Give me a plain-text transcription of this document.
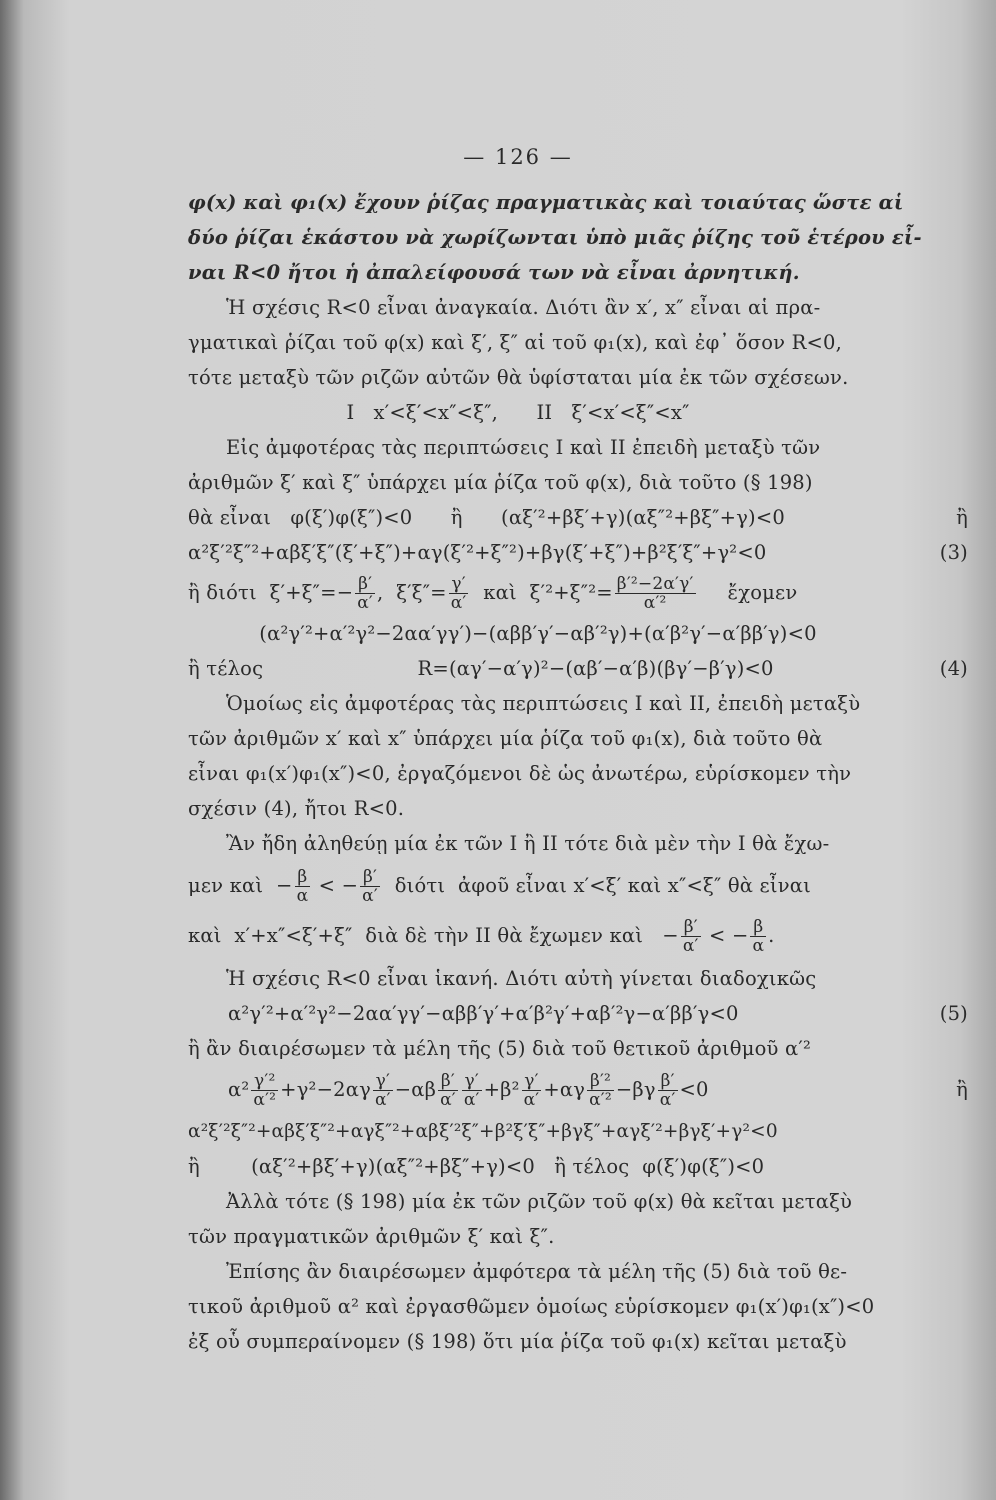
— 126 —
φ(x) καὶ φ₁(x) ἔχουν ῥίζας πραγματικὰς καὶ τοιαύτας ὥστε αἱ
δύο ῥίζαι ἑκάστου νὰ χωρίζωνται ὑπὸ μιᾶς ῥίζης τοῦ ἑτέρου εἶ-
ναι R<0 ἤτοι ἡ ἀπαλείφουσά των νὰ εἶναι ἀρνητική.
Ἡ σχέσις R<0 εἶναι ἀναγκαία. Διότι ἂν x′, x″ εἶναι αἱ πρα-
γματικαὶ ῥίζαι τοῦ φ(x) καὶ ξ′, ξ″ αἱ τοῦ φ₁(x), καὶ ἐφ᾽ ὅσον R<0,
τότε μεταξὺ τῶν ριζῶν αὐτῶν θὰ ὑφίσταται μία ἐκ τῶν σχέσεων.
I   x′<ξ′<x″<ξ″,      II   ξ′<x′<ξ″<x″
Εἰς ἀμφοτέρας τὰς περιπτώσεις I καὶ II ἐπειδὴ μεταξὺ τῶν
ἀριθμῶν ξ′ καὶ ξ″ ὑπάρχει μία ῥίζα τοῦ φ(x), διὰ τοῦτο (§ 198)
θὰ εἶναι   φ(ξ′)φ(ξ″)<0      ἢ      (αξ′²+βξ′+γ)(αξ″²+βξ″+γ)<0	ἢ
α²ξ′²ξ″²+αβξ′ξ″(ξ′+ξ″)+αγ(ξ′²+ξ″²)+βγ(ξ′+ξ″)+β²ξ′ξ″+γ²<0	(3)
ἢ διότι  $\xi'+\xi''=- \frac{\beta'}{\alpha'}$ ,  $\xi'\xi''= \frac{\gamma'}{\alpha'}$ καὶ  $\xi'^2+\xi''^2= \frac{\text{β′²−2α′γ′}}{\text{α′²}}$ ἔχομεν
(α²γ′²+α′²γ²−2αα′γγ′)−(αββ′γ′−αβ′²γ)+(α′β²γ′−α′ββ′γ)<0
ἢ τέλος	R=(αγ′−α′γ)²−(αβ′−α′β)(βγ′−β′γ)<0	(4)
Ὁμοίως εἰς ἀμφοτέρας τὰς περιπτώσεις I καὶ II, ἐπειδὴ μεταξὺ
τῶν ἀριθμῶν x′ καὶ x″ ὑπάρχει μία ῥίζα τοῦ φ₁(x), διὰ τοῦτο θὰ
εἶναι φ₁(x′)φ₁(x″)<0, ἐργαζόμενοι δὲ ὡς ἀνωτέρω, εὑρίσκομεν τὴν
σχέσιν (4), ἤτοι R<0.
Ἂν ἤδη ἀληθεύῃ μία ἐκ τῶν I ἢ II τότε διὰ μὲν τὴν I θὰ ἔχω-
μεν καὶ  − $\frac{\beta}{\alpha}$ < − $\frac{\beta'}{\alpha'}$ διότι  ἀφοῦ εἶναι x′<ξ′ καὶ x″<ξ″ θὰ εἶναι
καὶ  x′+x″<ξ′+ξ″  διὰ δὲ τὴν II θὰ ἔχωμεν καὶ   − $\frac{\beta'}{\alpha'}$ < − $\frac{\beta}{\alpha}$ .
Ἡ σχέσις R<0 εἶναι ἱκανή. Διότι αὐτὴ γίνεται διαδοχικῶς
α²γ′²+α′²γ²−2αα′γγ′−αββ′γ′+α′β²γ′+αβ′²γ−α′ββ′γ<0	(5)
ἢ ἂν διαιρέσωμεν τὰ μέλη τῆς (5) διὰ τοῦ θετικοῦ ἀριθμοῦ α′²
$\alpha^2 \frac{\text{γ′²}}{\text{α′²}} +\gamma^2-2\alpha\gamma \frac{\gamma'}{\alpha'} -\alpha\beta \frac{\beta'}{\alpha'} \frac{\gamma'}{\alpha'} +\beta^2 \frac{\gamma'}{\alpha'} +\alpha\gamma \frac{\text{β′²}}{\text{α′²}} -\beta\gamma \frac{\beta'}{\alpha'} <0$	ἢ
α²ξ′²ξ″²+αβξ′ξ″²+αγξ″²+αβξ′²ξ″+β²ξ′ξ″+βγξ″+αγξ′²+βγξ′+γ²<0
ἢ        (αξ′²+βξ′+γ)(αξ″²+βξ″+γ)<0   ἢ τέλος  φ(ξ′)φ(ξ″)<0
Ἀλλὰ τότε (§ 198) μία ἐκ τῶν ριζῶν τοῦ φ(x) θὰ κεῖται μεταξὺ
τῶν πραγματικῶν ἀριθμῶν ξ′ καὶ ξ″.
Ἐπίσης ἂν διαιρέσωμεν ἀμφότερα τὰ μέλη τῆς (5) διὰ τοῦ θε-
τικοῦ ἀριθμοῦ α² καὶ ἐργασθῶμεν ὁμοίως εὑρίσκομεν φ₁(x′)φ₁(x″)<0
ἐξ οὗ συμπεραίνομεν (§ 198) ὅτι μία ῥίζα τοῦ φ₁(x) κεῖται μεταξὺ
